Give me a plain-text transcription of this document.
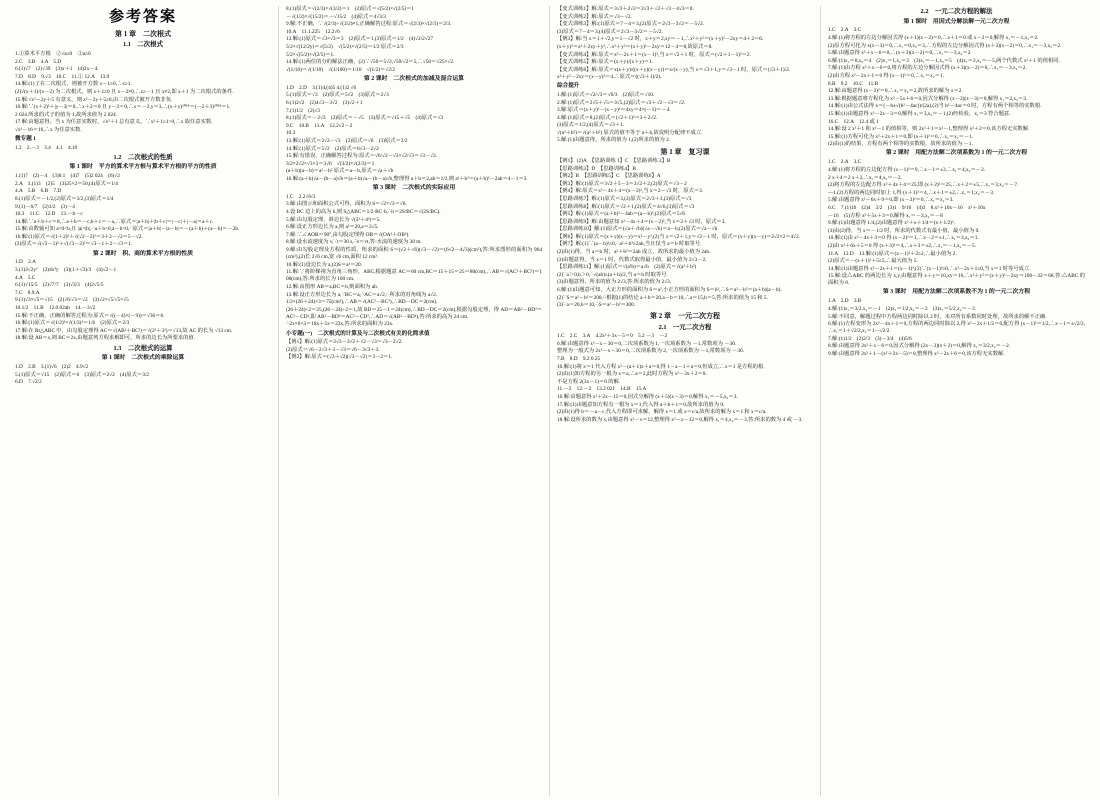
参考答案
第 1 章　二次根式
1.1　二次根式
1.①算术平方根　②√a≥0　③a≥0
2.C　3.B　4.A　5.D
6.(1)√7　(2)√39　(3)x＋1　(4)2x－4.
7.D　8.D　9.√3　10.C　11.① 12.A　13.9
14.解:(1)了在二次根式，则被开方数 x－1≥0,∴x≥1.
(2)√(x＋1)/(x－2) 为二次根式，则 x＋1≥0 且 x－2≠0,∴x≥－1 且 x≠2,即 x＋1 为二次根式的条件.
15.解:√x²－2y＋5 有意义，则 x²－2y＋5≥0,由二次根式被开方数非负.
16.解:∵(x＋2)²＋|y－3|＝0,∴x＋2＝0 且 y－3＝0,∴x＝－2,y＝3,∴(x＋y)²⁰²⁴＝(－2＋3)²⁰²⁴＝1.
2 024.所求的式子的值为 1,故所求值为 2 024.
17.解:由题意得，当 x 为任意实数时，√x²＋1 总有意义，∵x²＋1≥1>0,∴x 取任意实数.
√x²－16＝16,∴x 为任意实数.
微专题 1
1.2　2.－3　3.4　4.1　4.10
1.2　二次根式的性质
第 1 课时　平方的算术平方根与算术平方根的平方的性质
1.(1)7　(2)－4　(3)0.1　(4)7　(5)2 024　(6)√2
2.A　3.(1)3　(2)5　(3)25×2＝50,(4)原式＝1/4
4.A　5.B　6.B　7.D
8.(1)原式＝－1/2,(2)原式＝3/2,(3)原式＝1/4
9.(1)－6/7　(2)1/2　(3)－4
10.3　11.C　12.D　13.－b－c
14.解:∵a＋b＋c＝0,∴a＋b＝－c,b＋c＝－a,∴原式＝|a＋b|＋|b＋c|＝|－c|＋|－a|＝a＋c.
15.解:由数轴可知 a<0<b,且 |a|>|b|,∴a＋b<0,a－b<0,∴原式＝|a＋b|－|a－b|＝－(a＋b)＋(a－b)＝－2b.
16.解:(1)原式＝√(1＋2)²＋√(√2－2)²＝3＋2－√2＝5－√2.
(2)原式＝√(√3－1)²＋√(√3－2)²＝√3－1＋2－√3＝1.
第 2 课时　积、商的算术平方根的性质
1.D　2.A
3.(1)3√2y²　(2)4x³y　(3)(1＋√3)/3　(4)√2－1
4.A　5.C
6.(1)√15/5　(2)√7/7　(3)√3/3　(4)2√5/5
7.C　8.9.A
9.(1)√3×√5＝√15　(2)√6/√3＝√2　(3)√2×√5/√5×√5
10.1/2　11.B　12.0.02ab　14.－3√2
15.解:不正确，正确的解答过程为:原式＝√((－4)×(－9))＝√36＝6.
16.解:(1)原式＝√(1/2)²×√(1/3)²＝1/6　(2)原式＝2/3
17.解:在 Rt△ABC 中，由勾股定理得 AC＝√(AB²＋BC²)＝√(2²＋3²)＝√13,故 AC 的长为 √13 cm.
18.解:设 AB＝x,则 BC＝2x,由题意列方程求解即可，所求的边长为所要求的值.
1.3　二次根式的运算
第 1 课时　二次根式的乘除运算
1.D　2.B　3.(1)√6　(2)2　4.9√2
5.(1)原式＝√15　(2)原式＝6　(3)原式＝2√2　(4)原式＝3/2
6.D　7.√2/2
8.(1)原式＝√(2/3)×√(3/2)＝1　(2)原式＝√(5/2)×√(2/5)＝1
－√(1/2)×√(15/2)＝－√15/2　(4)原式＝4√3/3
9.解:不正确，∵√(2/3)÷√(3/2)≠1,正确解答过程:原式＝√(2/3)×√(2/3)＝2/3.
10.A　11.1.225　12.2√6
13.解:(1)原式＝√3×√3＝3　(2)原式＝1,(3)原式＝1/2　(4)√2/2√27
5/2×√(12/2y)＝√(5/2)　√(5/2)×√(2/5)＝1/2 原式＝2/3
5/2×√(5/2)×√(2/5)＝1.
14.解:(1)两位的分的解法正确，(2)∵√50＝5√2,√50/√2＝5,∴√50＝√25×√2.
√(1/10)＝√(1/10)　√(1/100)＝1/10　√(1/2)＝√2/2
第 2 课时　二次根式的加减及混合运算
1.D　2.D　3.(1)4,(4)5 4.(1)2 √6
5.(1)原式＝√3　(2)原式＝5√2　(3)原式＝2√3
6.(1)2√2　(2)4√3－3√2　(3)√2＋1
7.(1)1/2　(2)√3
8.(1)原式＝－2√3　(2)原式＝－√5　(3)原式＝√15＋√5　(4)原式＝√3
9.C　10.B　11.A　12.2√2－2
10.3
13.解:(1)原式＝2√2－√3　(2)原式＝√6　(3)原式＝3/2
14.解:(1)原式＝5√2　(2)原式＝6√3－2√2
15.解:有错误，正确解答过程为:原式＝√6/√2－√3×√2/√3＝√3－√2.
3/2×2√2×√3×3＝3√6　√(3/2)×√(2/3)＝1
(a＋b)(a－b)＝a²－b² 原式＝a－b,原式＝√a＋√b
16.解:(a＋b)√a－(b－a)√b＝(a＋b)√a－(b－a)√b,整理得 a＋b＝2,ab＝1/2,则 a²＋b²＝(a＋b)²－2ab＝4－1＝3.
第 3 课时　二次根式的实际应用
1.C　2.2√6/3
3.解:由图示和面积公式可得，面积为 S＝√2×√3＝√6.
4.设 BC 边上的高为 h,则 S△ABC＝1/2·BC·h,∴h＝2S/BC＝√(2S/BC).
5.解:由勾股定理，斜边长为 √(3²＋4²)＝5.
6.解:设正方形边长为 a,则 a²＝20,a＝2√5.
7.解:∵∠AOB＝90°,由勾股定理得 OB＝√(OA²＋OB²).
8.解:设水流速度为 v,∵t＝30 s,∴s＝vt,答:水流的速度为 30 m.
9.解:由勾股定理及方程的性质，所求的面积 S＝(√2＋√6)(√3－√2)＝(6√2－4√3)(cm²),答:所求图形的面积为 964(cm²),(2)长 2√6 cm,宽 √6 cm,面积 12 cm².
10.解:(1)设边长为 a,(2)S＝a²＝20.
11.解:∵将阶梯视为直角三角形，ABC,根据题意 AC＝60 cm,BC＝15＋15＝25＝80(cm),∴AB＝√(AC²＋BC²)＝100(cm),答:所求的长为 100 cm.
12.解:由图形 AB＝a,BC＝b,则面积为 ab.
13.解:设正方形边长为 a,∵BC＝a,∴AC＝a√2,∴所求的对角线为 a√2.
1/2×(26＋24)×3＝75(cm²),∴AB＝√(AC²－BC²),∴BD－DC＝2(cm).
(26＋24)÷2＝25,(26－24)÷2＝1,故 BD＝25－1＝24(cm),∴BD－DC＝2(cm),根据勾股定理，得 AD＝AB²－BD²＝AC²－CD²,即 AB²－BD²＝AC²－CD²,∴AD＝√(AB²－BD²),答:所求的高为 24 cm.
∴2x×6×3＝18x＋5x＝23x,答:所求的面积为 23x.
小专题(一)　二次根式的计算及与二次根式有关的化简求值
【例1】解:(1)原式＝2√3－3√2＋√2－√3＝√3－2√2.
(2)原式＝√6－2√3＋3－√3＝√6－3√3＋3.
【例2】解:原式＝(√3＋√2)(√3－√2)＝3－2＝1.
【变式训练1】解:原式＝3√3＋2√2＝2√3＋√2＋√3－4√3＝0.
【变式训练2】解:原式＝√3－√2.
【变式训练3】解:(1)原式＝7－4＝3,(2)原式＝2√3－3√2＝－5√2.
(3)原式＝7－4＝3,(4)原式＝2√3－3√2＝－5√2.
【例3】解:当 x＝1＋√2,y＝1－√2 时，x＋y＝2,xy＝－1,∴x²＋y²＝(x＋y)²－2xy＝4＋2＝6.
(x＋y)²＝x²＋2xy＋y²,∴x²＋y²＝(x＋y)²－2xy＝12－4＝8,故原式＝8.
【变式训练4】解:原式＝x²－2x＋1＝(x－1)²,当 x＝√2＋1 时，原式＝(√2＋1－1)²＝2.
【变式训练5】解:原式＝(x＋y)/(x＋y)＝1.
【变式训练6】解:原式＝x(x＋y)/((x＋y)(x－y))＝x/(x－y),当 x＝√3＋1,y＝√3－1 时，原式＝(√3＋1)/2.
x²＋y²－2xy＝(x－y)²＝4,∴原式＝((√3＋1)/2).
综合提升
1.解:(1)原式＝√2/√3＝√6/3　(2)原式＝√10.
2.解:(1)原式＝2√5＋√5＝3√5,(2)原式＝√3＋√2－√3＝√2.
3.解:原式＝(x＋y)²－(x－y)²＝4xy＝4×(－1)＝－4.
4.解:(1)原式＝8,(2)原式＝(√2＋1)²＝3＋2√2.
(3)原式＝1/2,(4)原式＝√3＋1.
√(a²＋b²)＝√(a²＋b²) 原式的值不等于 a＋b,故说明分配律不成立.
5.解:(1)由题意得，所求的值为 1,(2)所求的值为 2.
第 1 章　复习课
【例1】 (2)A　【思路训练 1】C　【思路训练 2】B
【思路训练3】D　【思路训练4】B
【例2】B　【思路训练5】C　【思路训练6】A
【例3】解:(1)原式＝3√2＋5－3＝3√2＋2,(2)原式＝√3－2
【例4】解:原式＝x²－4x＋4＝(x－2)²,当 x＝2－√3 时，原式＝3.
【思路训练7】解:(1)原式＝3,(2)原式＝2√3＋3,(3)原式＝√3
【思路训练8】解:(1)原式＝√2＋1,(2)原式＝4√6,(3)原式＝√3
【例5】解:(1)原式＝(a＋b)²－4ab＝(a－b)²,(2)原式＝5√6
【思路训练9】解:由题意知 x²－4x＋4＝(x－2)²,当 x＝2＋√3 时，原式＝3.
【思路训练10】解:(1)原式＝(√a＋√b)(√a－√b)＝a－b,(2)原式＝√a－√b
【例6】解:(1)原式＝(x＋y)(x－y)＝x²－y²,(2)当 x＝√2＋1,y＝√2－1 时，原式＝(x＋y)(x－y)＝2√2×2＝4√2.
【例7】解:(1)∵(a－b)²≥0,∴a²＋b²≥2ab,当且仅当 a＝b 时取等号.
(2)由(1)得，当 a＝b 时，a²＋b²＝2ab 成立，故所求的最小值为 2ab.
(3)由题意得，当 x＝1 时，代数式取得最小值，最小值为 2√3－2.
【思路训练11】解:(1)原式＝√(a²b)＝a√b　(2)原式＝√(a²＋b²)
(2)∵a＞0,b＞0,∴√(ab)≤(a＋b)/2,当 a＝b 时取等号.
(3)由题意得，所求的值为 2√3,答:所求的值为 2√3.
6.解:(1)由题意可知，大正方形的面积为 S＝a²,小正方形的面积为 S＝b²,∴S＝a²－b²＝(a＋b)(a－b).
(2)∵S＝a²－b²＝200,∴根据(1)的结论 a＋b＝20,a－b＝10,∴a＝15,b＝5,答:所求的值为 15 和 5.
(3)∵a＝20,b＝10,∴S＝a²－b²＝300.
第 2 章　一元二次方程
2.1　一元二次方程
1.C　2.C　3.A　4.2x²＋3x－5＝0　5.2 －3　－2
6.解:由题意得 x²－x－30＝0,二次项系数为 1,一次项系数为 －1,常数项为 －30.
整理为一般式为 2x²－x－30＝0,二次项系数为 2,一次项系数为 －1,常数项为 －30.
7.B　8.D　9.2 0.25
10.解:(1)将 x＝1 代入方程 x²－(a＋1)x＋a＝0,得 1－a－1＋a＝0,恒成立,∴x＝1 是方程的根.
(2)由(1)知方程的另一根为 x＝a,∴a＝2,此时方程为 x²－3x＋2＝0.
不是方程 2(3x－1)＝0 的解.
11.－2　12.－2　13.2 021　14.B　15.A
16.解:由题意得 x²＋2x－15＝0,因式分解得 (x＋5)(x－3)＝0,解得 x₁＝－5,x₂＝3.
17.解:(1)由题意知方程有一根为 x＝1,代入得 a＋b＋c＝0,故所求的值为 0.
(2)由(1)得 b＝－a－c,代入方程即可求解，解得 x＝1 或 x＝c/a,故所求的解为 x＝1 和 x＝c/a.
18.解:设所求的数为 x,由题意得 x²－x＝12,整理得 x²－x－12＝0,解得 x₁＝4,x₂＝－3,答:所求的数为 4 或 －3.
2.2　一元二次方程的解法
第 1 课时　用因式分解法解一元二次方程
1.C　2.A　3.C
4.解:(1)将方程的左边分解因式得 (x＋1)(x－2)＝0,∴x＋1＝0 或 x－2＝0,解得 x₁＝－1,x₂＝2.
(2)原方程可化为 x(x－3)＝0,∴x₁＝0,x₂＝3,∴方程的左边分解因式得 (x＋3)(x－2)＝0,∴x₁＝－3,x₂＝2.
5.解:由题意得 x²＋x－6＝0,∴(x＋3)(x－2)＝0,∴x₁＝－3,x₂＝2.
6.解:(1)x₁＝0,x₂＝4　(2)x₁＝1,x₂＝3　(3)x₁＝－1,x₂＝5　(4)x₁＝2,x₂＝－5,两个代数式 x²＋1 的值相同.
7.解:(1)由方程 x²＋x－6＝0,将方程的左边分解因式得 (x＋3)(x－2)＝0,∴x₁＝－3,x₂＝2.
(2)由方程 x²－2x＋1＝0 得 (x－1)²＝0,∴x₁＝x₂＝1.
8.B　9.2　10.C　11.B
12.解:由题意得 (x－2)²＝0,∴x₁＝x₂＝2,故所求的解为 x＝2.
13.解:根据题意将方程化为 x²－5x＋6＝0,因式分解得 (x－2)(x－3)＝0,解得 x₁＝2,x₂＝3.
14.解:(1)由公式法得 x＝(－b±√(b²－4ac))/(2a),(2)当 b²－4ac＝0 时，方程有两个相等的实数根.
15.解:(1)由题意得 x²－2x－3＝0,解得 x₁＝3,x₂＝－1,(2)经检验，x₁＝3 符合题意.
16.C　12.A　12.4 或 1
14.解:设 2 x²＋1 和 x²－1 的值相等，则 2x²＋1＝x²－1,整理得 x²＋2＝0,该方程无实数解.
15.解:(1)方程可化为 x²＋2x＋1＝0,即 (x＋1)²＝0,∴x₁＝x₂＝－1.
(2)由(1)的结果，方程有两个相等的实数根，故所求的值为 －1.
第 2 课时　用配方法解二次项系数为 1 的一元二次方程
1.C　2.A　3.C
4.解:(1)将方程的左边配方得 (x－1)²＝9,∴x－1＝±3,∴x₁＝4,x₂＝－2.
2 x＋4＝2 x＋2,∴x₁＝4,x₂＝－2.
(2)将方程的左边配方得 x²＋4x＋4＝25,即 (x＋2)²＝25,∴x＋2＝±5,∴x₁＝3,x₂＝－7.
—1.(2)方程的两边同时加上 1,得 (x＋1)²＝4,∴x＋1＝±2,∴x₁＝1,x₂＝－3.
5.解:由题意得 x²－6x＋9＝0,即 (x－3)²＝0,∴x₁＝x₂＝3.
6.C　7.(1)16　(2)4　3/2　(3)1　9/16　(4)3　8.x²＋10x－16　x²＋10x
－16　(5)方程 x²＋5x＋3＝0,解得 x₁＝－3,x₂＝－8
9.解:(1)由题意得 1/4,(2)由题意得 x²＋x＋1/4＝(x＋1/2)².
(3)由(2)得，当 x＝－1/2 时，所求的代数式有最小值，最小值为 0.
10.解:(1)由 x²－4x＋3＝0 得 (x－2)²＝1,∴x－2＝±1,∴x₁＝3,x₂＝1.
(2)由 x²＋6x＋5＝0 得 (x＋3)²＝4,∴x＋3＝±2,∴x₁＝－1,x₂＝－5.
11.A　12.D　13.解:(1)原式＝(x－1)²＋2≥2,∴最小值为 2.
(2)原式＝－(x＋1)²＋5≤5,∴最大值为 5.
14.解:(1)由题意得 x²－2x＋1＝(x－1)²,(2)∵(x－1)²≥0,∴x²－2x＋1≥0,当 x＝1 时等号成立.
15.解:设△ABC 的两边长为 x,y,由题意得 x＋y＝10,xy＝16,∴x²＋y²＝(x＋y)²－2xy＝100－32＝68,答:△ABC 的面积为 8.
第 3 课时　用配方法解二次项系数不为 1 的一元二次方程
1.A　2.D　3.B
4.解:(1)x₁＝3/2,x₂＝－1　(2)x₁＝1/2,x₂＝－2　(3)x₁＝5/2,x₂＝－3
5.解:不同意，解题过程中方程两边同时除以 2 时，未对所有系数同时处理，故所求的解不正确.
6.解:(1)方程变形为 2x²－4x＋1＝0,方程的两边同时除以 2,得 x²－2x＋1/2＝0,配方得 (x－1)²＝1/2,∴x－1＝±√2/2,∴x₁＝1＋√2/2,x₂＝1－√2/2.
7.解:(1)1/2　(2)2/3　(3)－3/4　(4)5/6
8.解:由题意得 2x²＋x－6＝0,因式分解得 (2x－3)(x＋2)＝0,解得 x₁＝3/2,x₂＝－2.
9.解:由题意得 2x²＋1－(x²＋2x－5)＝0,整理得 x²－2x＋6＝0,该方程无实数解.
